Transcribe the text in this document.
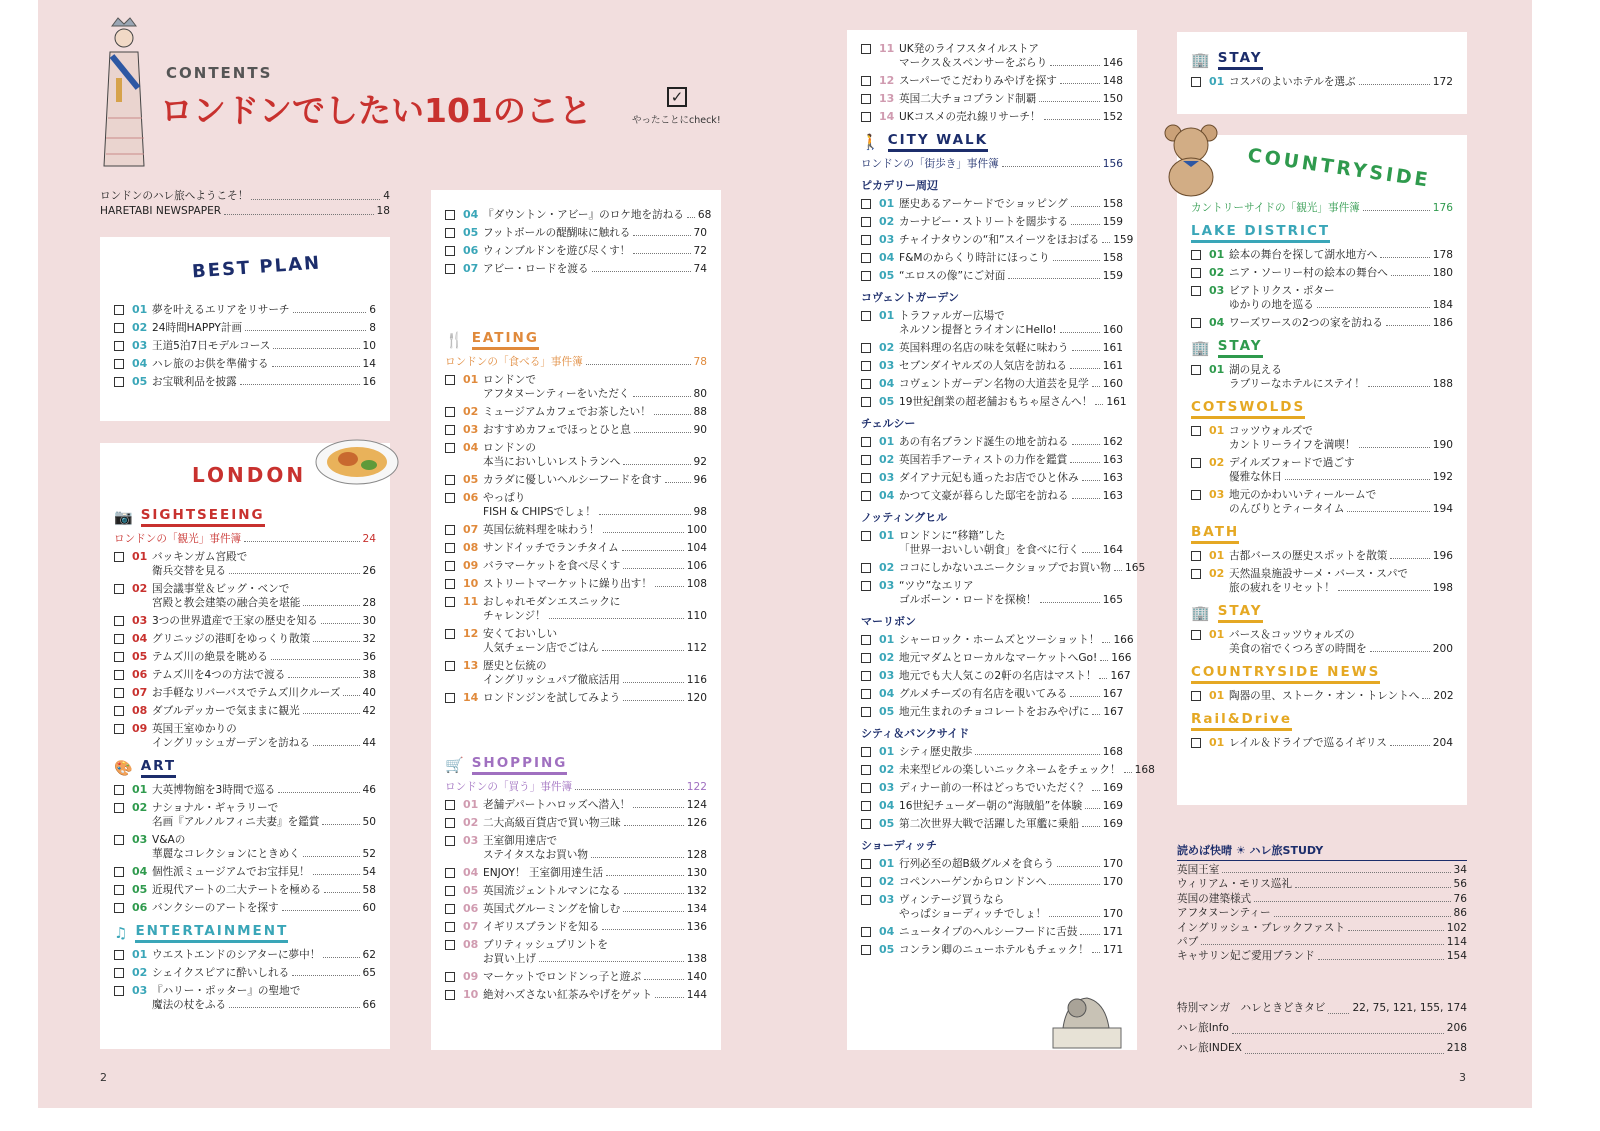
CONTENTS
ロンドンでしたい101のこと	✓
やったことにcheck!
ロンドンのハレ旅へようこそ！	4
HARETABI NEWSPAPER	18
BEST PLAN
01 夢を叶えるエリアをリサーチ	6
02 24時間HAPPY計画	8
03 王道5泊7日モデルコース	10
04 ハレ旅のお供を準備する	14
05 お宝戦利品を披露	16
LONDON
📷 SIGHTSEEING
ロンドンの「観光」事件簿	24
01 バッキンガム宮殿で
衛兵交替を見る	26
02 国会議事堂＆ビッグ・ベンで
宮殿と教会建築の融合美を堪能	28
03 3つの世界遺産で王家の歴史を知る	30
04 グリニッジの港町をゆっくり散策	32
05 テムズ川の絶景を眺める	36
06 テムズ川を4つの方法で渡る	38
07 お手軽なリバーバスでテムズ川クルーズ 40
08 ダブルデッカーで気ままに観光	42
09 英国王室ゆかりの
イングリッシュガーデンを訪ねる	44
🎨 ART
01 大英博物館を3時間で巡る	46
02 ナショナル・ギャラリーで
名画『アルノルフィニ夫妻』を鑑賞	50
03 V&Aの
華麗なコレクションにときめく	52
04 個性派ミュージアムでお宝拝見！	54
05 近現代アートの二大テートを極める	58
06 バンクシーのアートを探す	60
♫ ENTERTAINMENT
01 ウエストエンドのシアターに夢中！	62
02 シェイクスピアに酔いしれる	65
03 『ハリー・ポッター』の聖地で
魔法の杖をふる	66
04 『ダウントン・アビー』のロケ地を訪ねる 68
05 フットボールの醍醐味に触れる	70
06 ウィンブルドンを遊び尽くす！	72
07 アビー・ロードを渡る	74
🍴 EATING
ロンドンの「食べる」事件簿	78
01 ロンドンで
アフタヌーンティーをいただく	80
02 ミュージアムカフェでお茶したい！	88
03 おすすめカフェでほっとひと息	90
04 ロンドンの
本当においしいレストランへ	92
05 カラダに優しいヘルシーフードを食す	96
06 やっぱり
FISH & CHIPSでしょ！	98
07 英国伝統料理を味わう！	100
08 サンドイッチでランチタイム	104
09 バラマーケットを食べ尽くす	106
10 ストリートマーケットに繰り出す！	108
11 おしゃれモダンエスニックに
チャレンジ！	110
12 安くておいしい
人気チェーン店でごはん	112
13 歴史と伝統の
イングリッシュパブ徹底活用	116
14 ロンドンジンを試してみよう	120
🛒 SHOPPING
ロンドンの「買う」事件簿	122
01 老舗デパートハロッズへ潜入！	124
02 二大高級百貨店で買い物三昧	126
03 王室御用達店で
ステイタスなお買い物	128
04 ENJOY！ 王室御用達生活	130
05 英国流ジェントルマンになる	132
06 英国式グルーミングを愉しむ	134
07 イギリスブランドを知る	136
08 ブリティッシュプリントを
お買い上げ	138
09 マーケットでロンドンっ子と遊ぶ	140
10 絶対ハズさない紅茶みやげをゲット	144
11 UK発のライフスタイルストア
マークス＆スペンサーをぶらり	146
12 スーパーでこだわりみやげを探す	148
13 英国二大チョコブランド制覇	150
14 UKコスメの売れ線リサーチ！	152
🚶 CITY WALK
ロンドンの「街歩き」事件簿	156
ピカデリー周辺
01 歴史あるアーケードでショッピング	158
02 カーナビー・ストリートを闊歩する	159
03 チャイナタウンの“和”スイーツをほおばる 159
04 F&Mのからくり時計にほっこり	158
05 “エロスの像”にご対面	159
コヴェントガーデン
01 トラファルガー広場で
ネルソン提督とライオンにHello!	160
02 英国料理の名店の味を気軽に味わう	161
03 セブンダイヤルズの人気店を訪ねる	161
04 コヴェントガーデン名物の大道芸を見学 160
05 19世紀創業の超老舗おもちゃ屋さんへ！ 161
チェルシー
01 あの有名ブランド誕生の地を訪ねる	162
02 英国若手アーティストの力作を鑑賞	163
03 ダイアナ元妃も通ったお店でひと休み 163
04 かつて文豪が暮らした邸宅を訪ねる	163
ノッティングヒル
01 ロンドンに“移籍”した
「世界一おいしい朝食」を食べに行く 164
02 ココにしかないユニークショップでお買い物 165
03 “ツウ”なエリア
ゴルボーン・ロードを探検！	165
マーリボン
01 シャーロック・ホームズとツーショット！ 166
02 地元マダムとローカルなマーケットへGo! 166
03 地元でも大人気この2軒の名店はマスト！ 167
04 グルメチーズの有名店を覗いてみる	167
05 地元生まれのチョコレートをおみやげに 167
シティ＆バンクサイド
01 シティ歴史散歩	168
02 未来型ビルの楽しいニックネームをチェック！ 168
03 ディナー前の一杯はどっちでいただく？ 169
04 16世紀チューダー朝の“海賊船”を体験 169
05 第二次世界大戦で活躍した軍艦に乗船 169
ショーディッチ
01 行列必至の超B級グルメを食らう	170
02 コペンハーゲンからロンドンへ	170
03 ヴィンテージ買うなら
やっぱショーディッチでしょ！	170
04 ニュータイプのヘルシーフードに舌鼓 171
05 コンラン卿のニューホテルもチェック！ 171
🏢 STAY
01 コスパのよいホテルを選ぶ	172
COUNTRYSIDE
カントリーサイドの「観光」事件簿	176
LAKE DISTRICT
01 絵本の舞台を探して湖水地方へ	178
02 ニア・ソーリー村の絵本の舞台へ	180
03 ビアトリクス・ポター
ゆかりの地を巡る	184
04 ワーズワースの2つの家を訪ねる	186
🏢 STAY
01 湖の見える
ラブリーなホテルにステイ！	188
COTSWOLDS
01 コッツウォルズで
カントリーライフを満喫！	190
02 デイルズフォードで過ごす
優雅な休日	192
03 地元のかわいいティールームで
のんびりとティータイム	194
BATH
01 古都バースの歴史スポットを散策	196
02 天然温泉施設サーメ・バース・スパで
旅の疲れをリセット！	198
🏢 STAY
01 バース＆コッツウォルズの
美食の宿でくつろぎの時間を	200
COUNTRYSIDE NEWS
01 陶器の里、ストーク・オン・トレントへ 202
Rail&Drive
01 レイル＆ドライブで巡るイギリス	204
読めば快晴 ☀ ハレ旅STUDY
英国王室	34
ウィリアム・モリス巡礼	56
英国の建築様式	76
アフタヌーンティー	86
イングリッシュ・ブレックファスト	102
パブ	114
キャサリン妃ご愛用ブランド	154
特別マンガ　ハレときどきタビ	22, 75, 121, 155, 174
ハレ旅Info	206
ハレ旅INDEX	218
2	3
